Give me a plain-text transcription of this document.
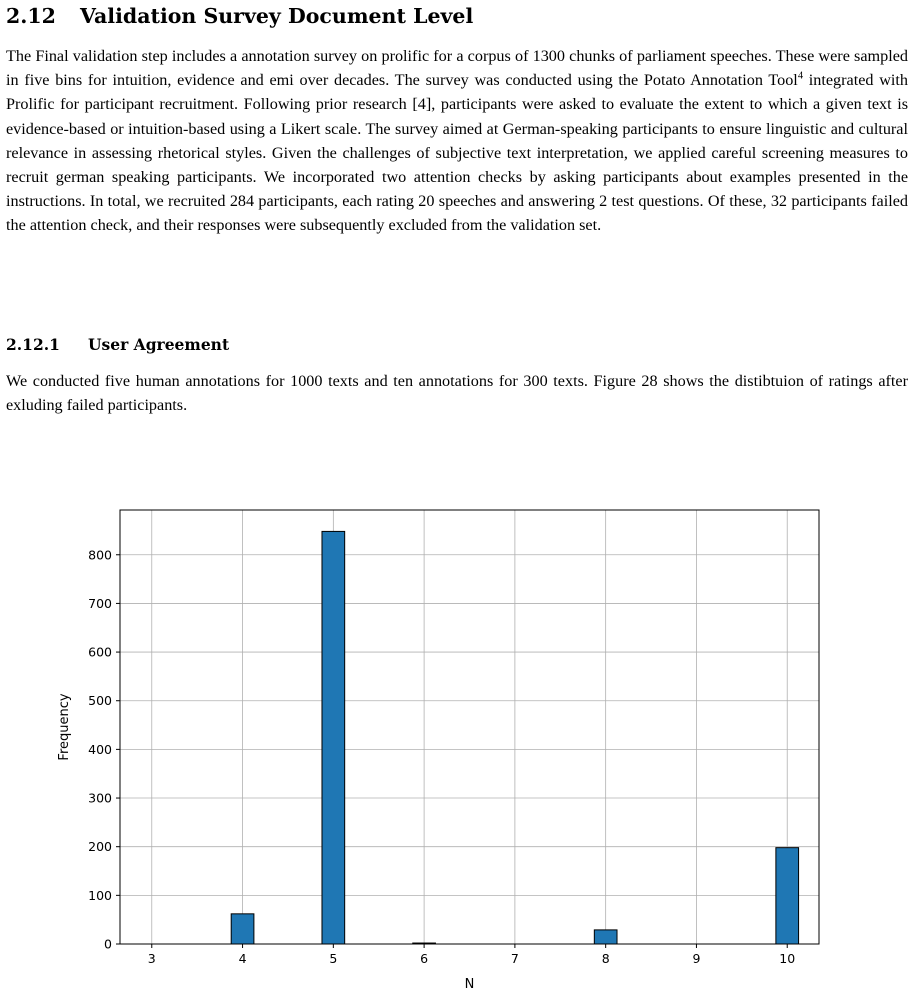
2.12 Validation Survey Document Level

The Final validation step includes a annotation survey on prolific for a corpus of 1300 chunks of parliament speeches. These were sampled in five bins for intuition, evidence and emi over decades. The survey was conducted using the Potato Annotation Tool$^4$ integrated with Prolific for participant recruitment. Following prior research [4], participants were asked to evaluate the extent to which a given text is evidence-based or intuition-based using a Likert scale. The survey aimed at German-speaking participants to ensure linguistic and cultural relevance in assessing rhetorical styles. Given the challenges of subjective text interpretation, we applied careful screening measures to recruit german speaking participants. We incorporated two attention checks by asking participants about examples presented in the instructions. In total, we recruited 284 participants, each rating 20 speeches and answering 2 test questions. Of these, 32 participants failed the attention check, and their responses were subsequently excluded from the validation set.

2.12.1 User Agreement

We conducted five human annotations for 1000 texts and ten annotations for 300 texts. Figure 28 shows the distibtuion of ratings after exluding failed participants.

3	4	5	6	7	8	9	10
0
100
200
300
400
500
600
700
800
N
Frequency
